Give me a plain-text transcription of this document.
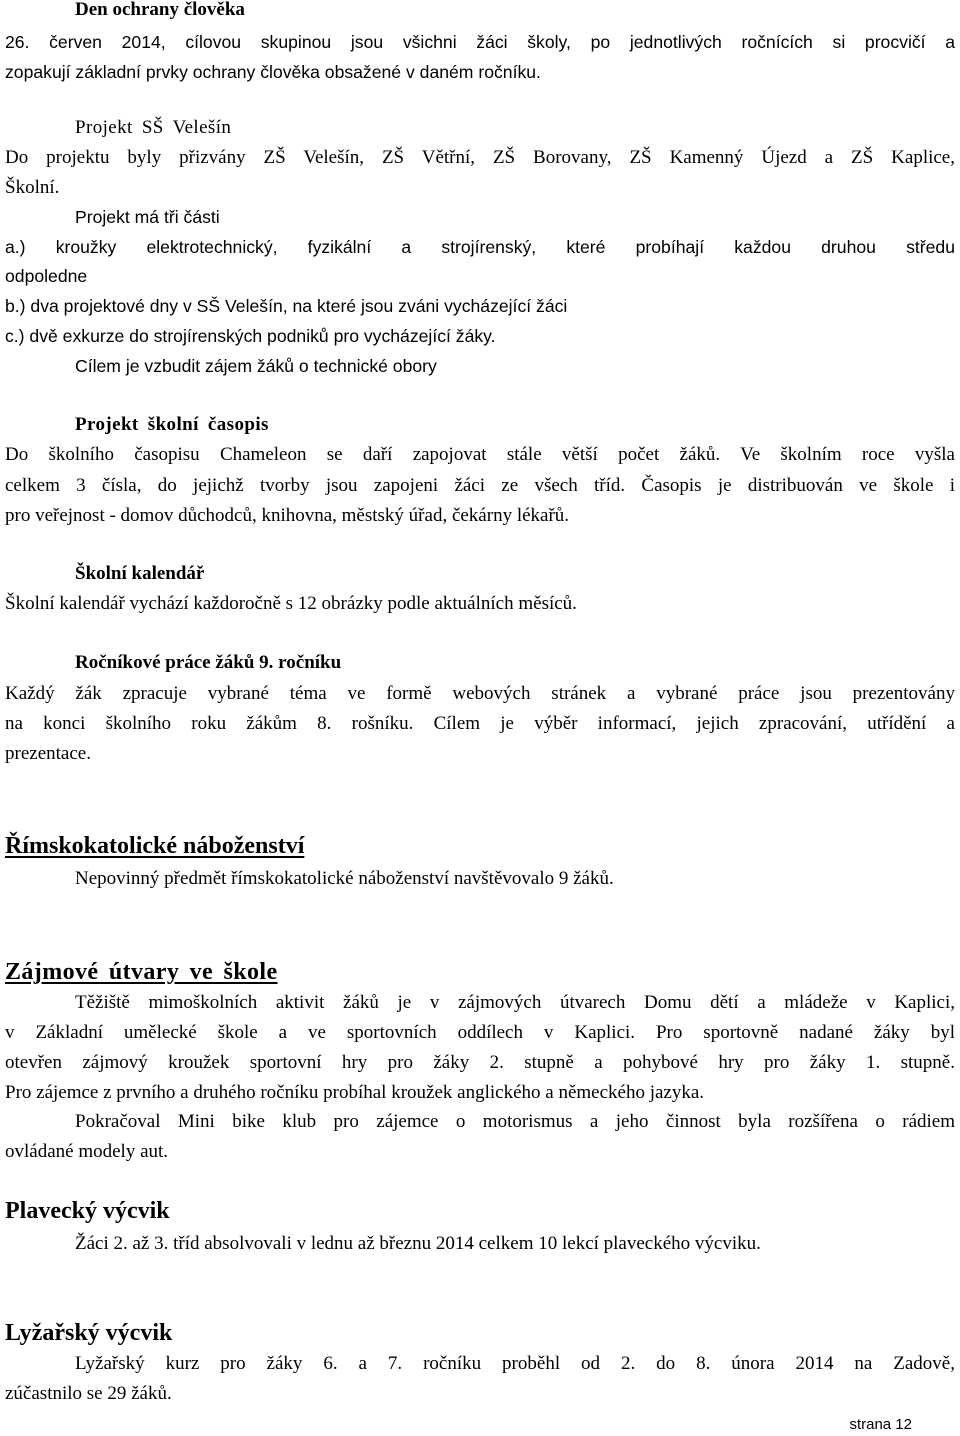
Den ochrany člověka
26. červen 2014, cílovou skupinou jsou všichni žáci školy, po jednotlivých ročnících si procvičí a
zopakují základní prvky ochrany člověka obsažené v daném ročníku.
Projekt SŠ Velešín
Do projektu byly přizvány ZŠ Velešín, ZŠ Větřní, ZŠ Borovany, ZŠ Kamenný Újezd a ZŠ Kaplice,
Školní.
Projekt má tři části
a.) kroužky elektrotechnický, fyzikální a strojírenský, které probíhají každou druhou středu
odpoledne
b.) dva projektové dny v SŠ Velešín, na které jsou zváni vycházející žáci
c.) dvě exkurze do strojírenských podniků pro vycházející žáky.
Cílem je vzbudit zájem žáků o technické obory
Projekt školní časopis
Do školního časopisu Chameleon se daří zapojovat stále větší počet žáků. Ve školním roce vyšla
celkem 3 čísla, do jejichž tvorby jsou zapojeni žáci ze všech tříd. Časopis je distribuován ve škole i
pro veřejnost - domov důchodců, knihovna, městský úřad, čekárny lékařů.
Školní kalendář
Školní kalendář vychází každoročně s 12 obrázky podle aktuálních měsíců.
Ročníkové práce žáků 9. ročníku
Každý žák zpracuje vybrané téma ve formě webových stránek a vybrané práce jsou prezentovány
na konci školního roku žákům 8. rošníku. Cílem je výběr informací, jejich zpracování, utřídění a
prezentace.
Římskokatolické náboženství
Nepovinný předmět římskokatolické náboženství navštěvovalo 9 žáků.
Zájmové útvary ve škole
Těžiště mimoškolních aktivit žáků je v zájmových útvarech Domu dětí a mládeže v Kaplici,
v Základní umělecké škole a ve sportovních oddílech v Kaplici. Pro sportovně nadané žáky byl
otevřen zájmový kroužek sportovní hry pro žáky 2. stupně a pohybové hry pro žáky 1. stupně.
Pro zájemce z prvního a druhého ročníku probíhal kroužek anglického a německého jazyka.
Pokračoval Mini bike klub pro zájemce o motorismus a jeho činnost byla rozšířena o rádiem
ovládané modely aut.
Plavecký výcvik
Žáci 2. až 3. tříd absolvovali v lednu až březnu 2014 celkem 10 lekcí plaveckého výcviku.
Lyžařský výcvik
Lyžařský kurz pro žáky 6. a 7. ročníku proběhl od 2. do 8. února 2014 na Zadově,
zúčastnilo se 29 žáků.
strana 12
